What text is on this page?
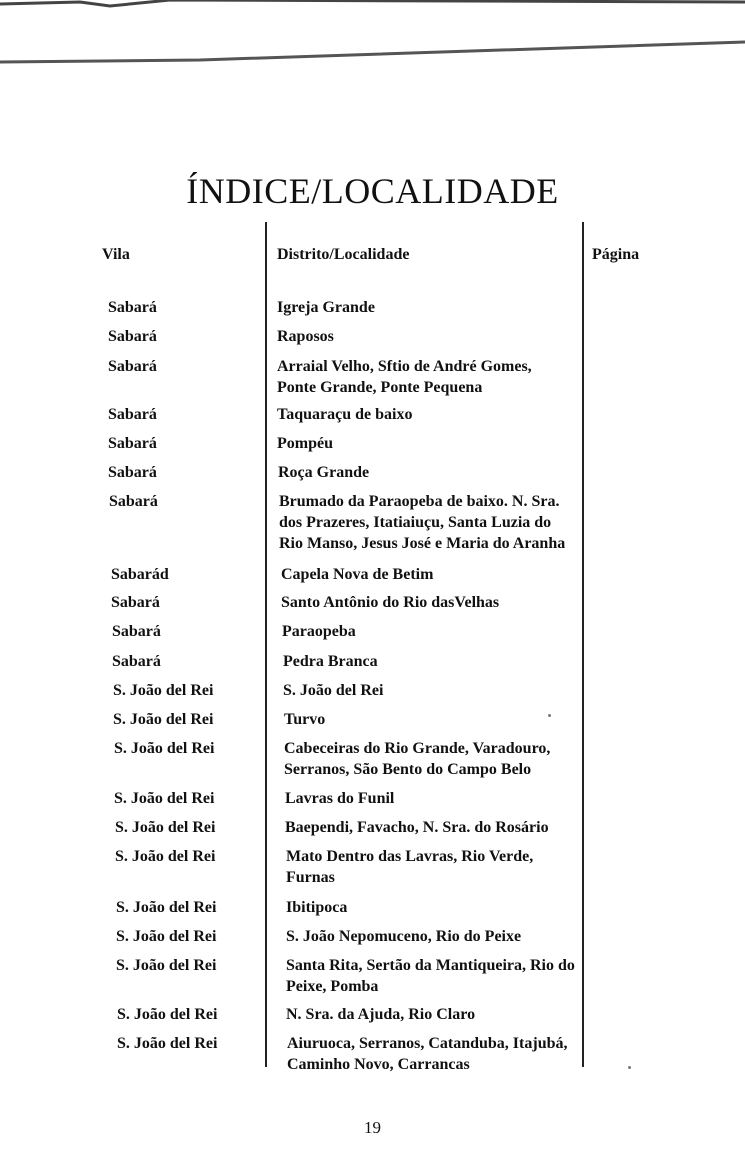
ÍNDICE/LOCALIDADE
Vila	Distrito/Localidade	Página
Sabará	Igreja Grande
Sabará	Raposos
Sabará	Arraial Velho, Sftio de André Gomes, Ponte Grande, Ponte Pequena
Sabará	Taquaraçu de baixo
Sabará	Pompéu
Sabará	Roça Grande
Sabará	Brumado da Paraopeba de baixo. N. Sra. dos Prazeres, Itatiaiuçu, Santa Luzia do Rio Manso, Jesus José e Maria do Aranha
Sabarád	Capela Nova de Betim
Sabará	Santo Antônio do Rio dasVelhas
Sabará	Paraopeba
Sabará	Pedra Branca
S. João del Rei	S. João del Rei
S. João del Rei	Turvo
S. João del Rei	Cabeceiras do Rio Grande, Varadouro, Serranos, São Bento do Campo Belo
S. João del Rei	Lavras do Funil
S. João del Rei	Baependi, Favacho, N. Sra. do Rosário
S. João del Rei	Mato Dentro das Lavras, Rio Verde, Furnas
S. João del Rei	Ibitipoca
S. João del Rei	S. João Nepomuceno, Rio do Peixe
S. João del Rei	Santa Rita, Sertão da Mantiqueira, Rio do Peixe, Pomba
S. João del Rei	N. Sra. da Ajuda, Rio Claro
S. João del Rei	Aiuruoca, Serranos, Catanduba, Itajubá, Caminho Novo, Carrancas
19
